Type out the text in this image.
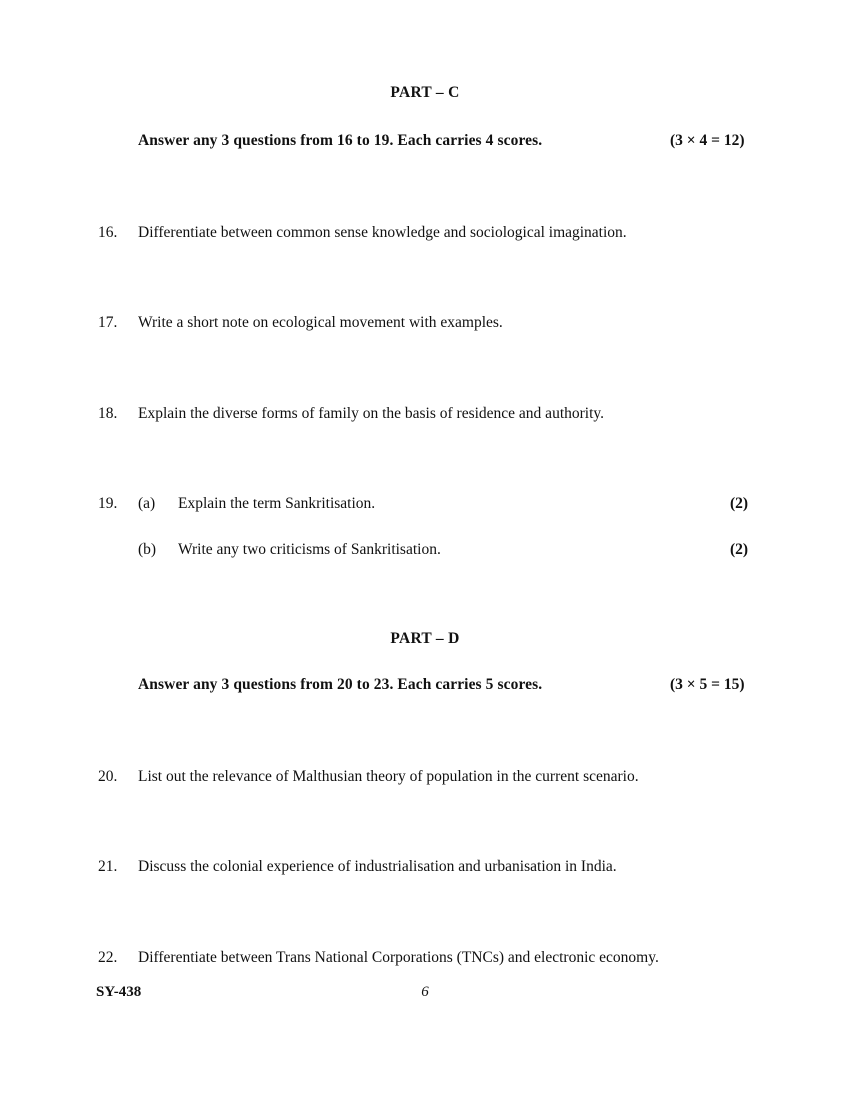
PART – C
Answer any 3 questions from 16 to 19. Each carries 4 scores.	(3 × 4 = 12)
16.	Differentiate between common sense knowledge and sociological imagination.
17.	Write a short note on ecological movement with examples.
18.	Explain the diverse forms of family on the basis of residence and authority.
19.	(a)	Explain the term Sankritisation.	(2)
(b)	Write any two criticisms of Sankritisation.	(2)
PART – D
Answer any 3 questions from 20 to 23. Each carries 5 scores.	(3 × 5 = 15)
20.	List out the relevance of Malthusian theory of population in the current scenario.
21.	Discuss the colonial experience of industrialisation and urbanisation in India.
22.	Differentiate between Trans National Corporations (TNCs) and electronic economy.
SY-438	6
